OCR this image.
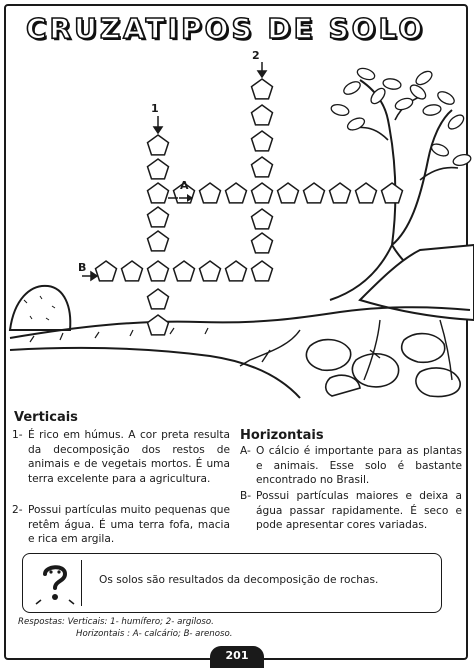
CRUZATIPOS DE SOLO
1
2
A
B
Verticais
1- É rico em húmus. A cor preta resulta da decomposição dos restos de animais e de vegetais mortos. É uma terra excelente para a agricultura.
2- Possui partículas muito pequenas que retêm água. É uma terra fofa, macia e rica em argila.
Horizontais
A- O cálcio é importante para as plantas e animais. Esse solo é bastante encontrado no Brasil.
B- Possui partículas maiores e deixa a água passar rapidamente. É seco e pode apresentar cores variadas.
Os solos são resultados da decomposição de rochas.
Respostas: Verticais: 1- humífero; 2- argiloso.
Horizontais : A- calcário; B- arenoso.
201
